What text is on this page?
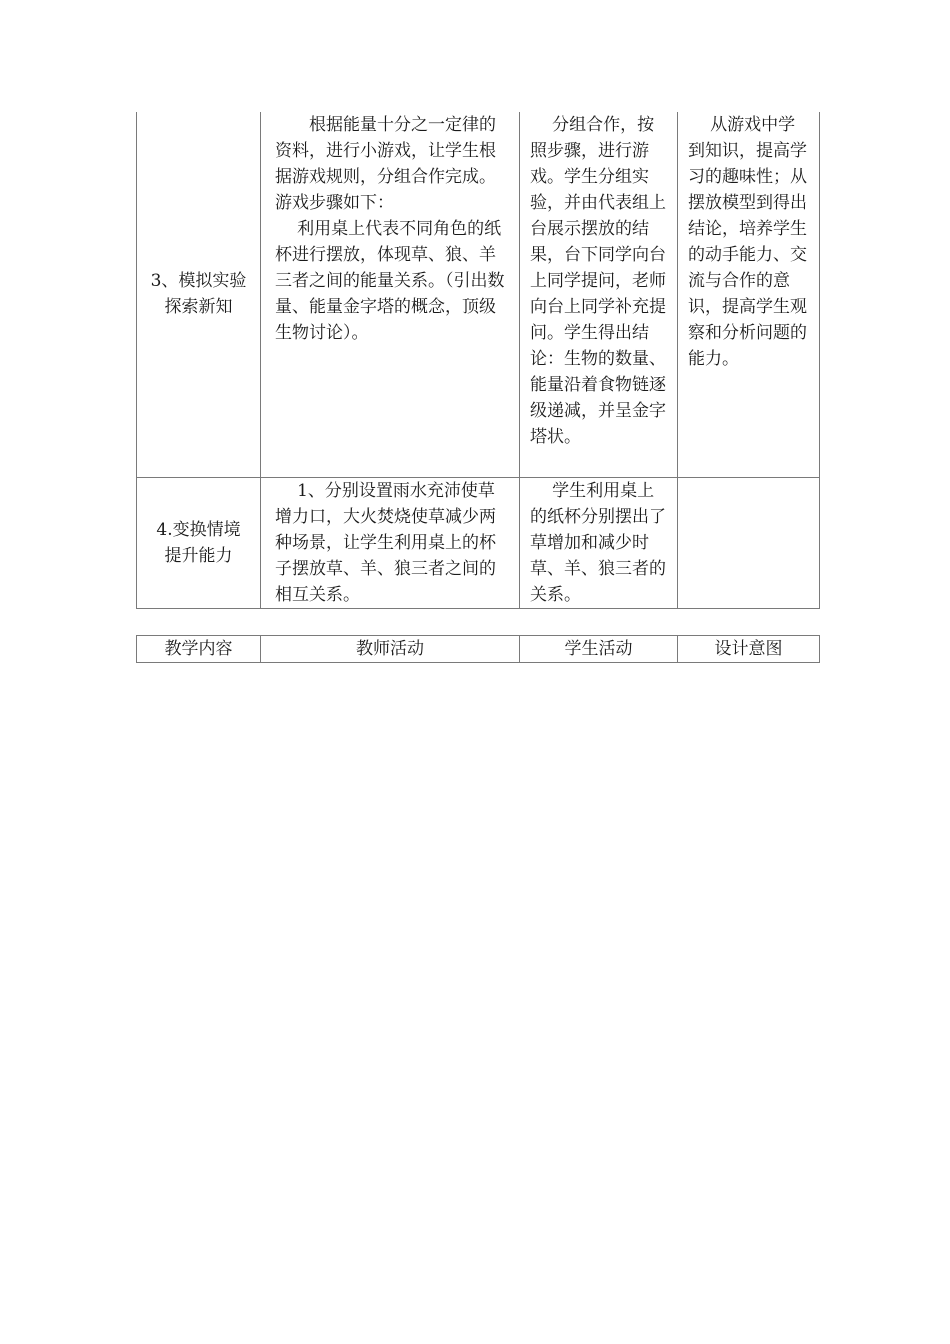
3、模拟实验
探索新知	根据能量十分之一定律的资料，进行小游戏，让学生根据游戏规则，分组合作完成。游戏步骤如下：
利用桌上代表不同角色的纸杯进行摆放，体现草、狼、羊三者之间的能量关系。（引出数量、能量金字塔的概念，顶级生物讨论）。	分组合作，按照步骤，进行游戏。学生分组实验，并由代表组上台展示摆放的结果，台下同学向台上同学提问，老师向台上同学补充提问。学生得出结论：生物的数量、能量沿着食物链逐级递减，并呈金字塔状。	从游戏中学到知识，提高学习的趣味性；从摆放模型到得出结论，培养学生的动手能力、交流与合作的意识，提高学生观察和分析问题的能力。

4.变换情境
提升能力	1、分别设置雨水充沛使草增力口，大火焚烧使草减少两种场景，让学生利用桌上的杯子摆放草、羊、狼三者之间的相互关系。	学生利用桌上的纸杯分别摆出了草增加和减少时草、羊、狼三者的关系。	

教学内容	教师活动	学生活动	设计意图
